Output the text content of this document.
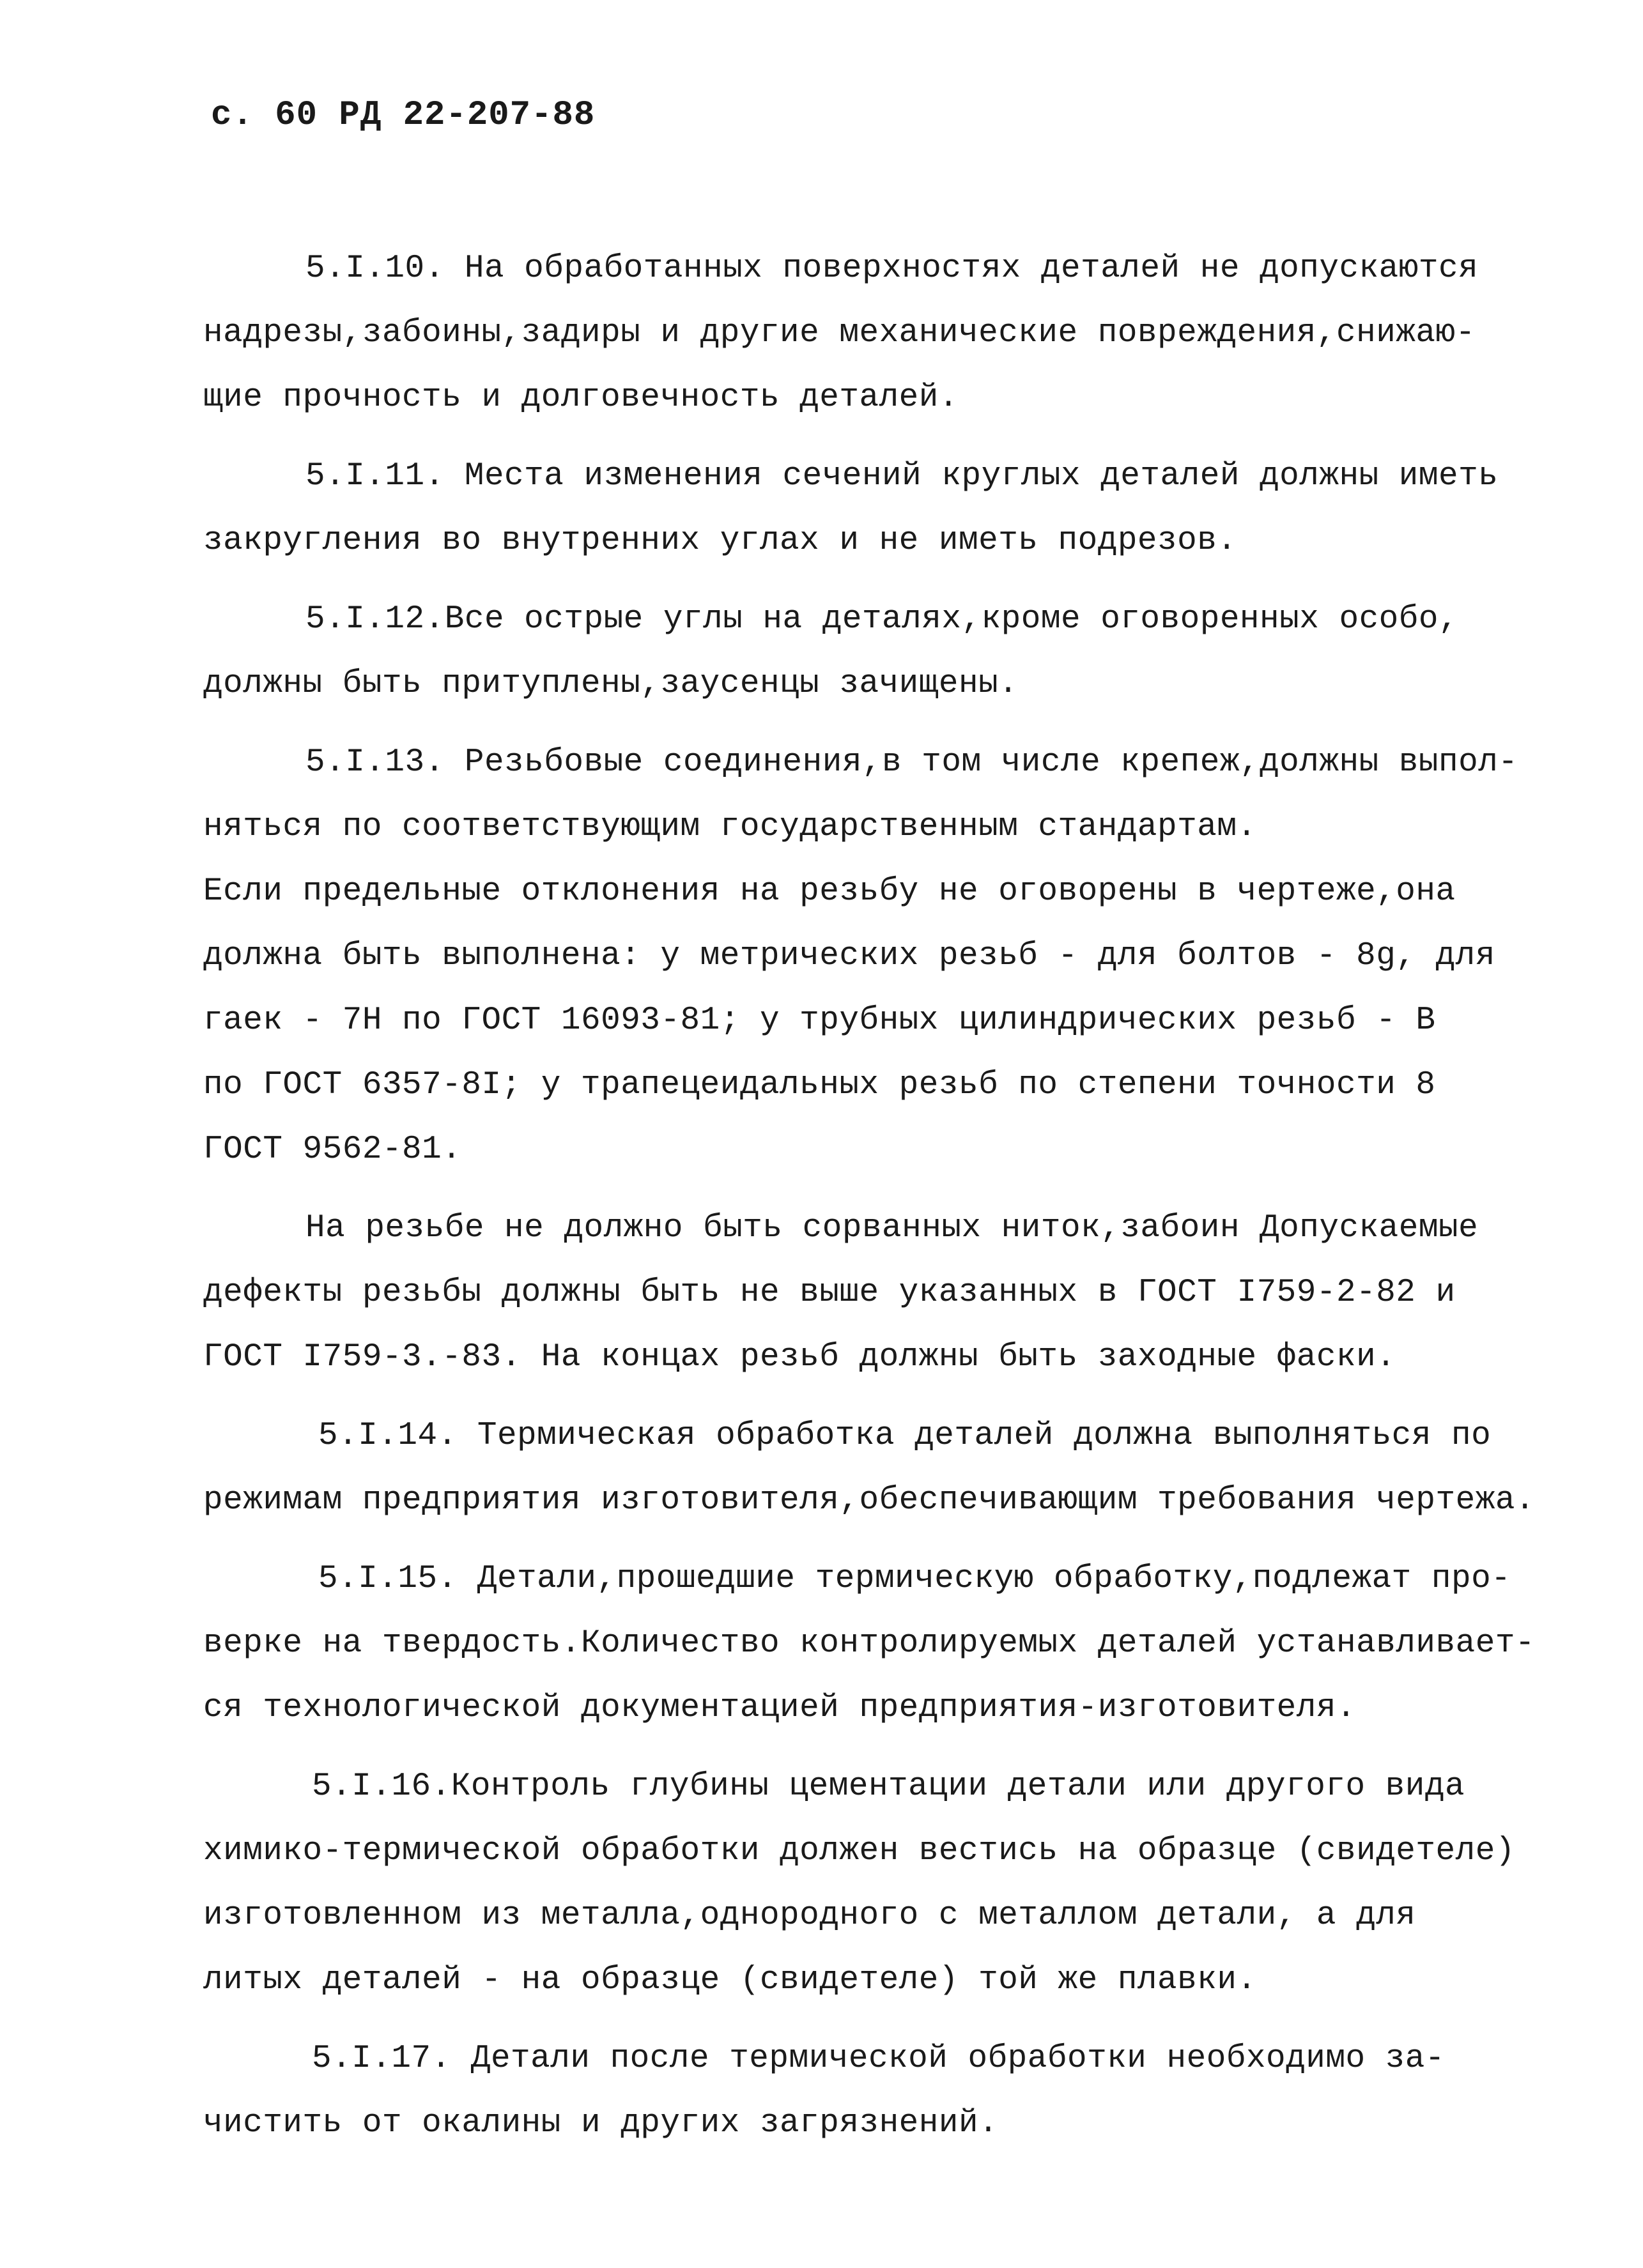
с. 60 РД 22-207-88
5.I.10. На обработанных поверхностях деталей не допускаются
надрезы,забоины,задиры и другие механические повреждения,снижаю-
щие прочность и долговечность деталей.
5.I.11. Места изменения сечений круглых деталей должны иметь
закругления во внутренних углах и не иметь подрезов.
5.I.12.Все острые углы на деталях,кроме оговоренных особо,
должны быть притуплены,заусенцы зачищены.
5.I.13. Резьбовые соединения,в том числе крепеж,должны выпол-
няться по соответствующим государственным стандартам.
Если предельные отклонения на резьбу не оговорены в чертеже,она
должна быть выполнена: у метрических резьб - для болтов - 8g, для
гаек - 7H по ГОСТ 16093-81; у трубных цилиндрических резьб - В
по ГОСТ 6357-8I; у трапецеидальных резьб по степени точности 8
ГОСТ 9562-81.
На резьбе не должно быть сорванных ниток,забоин Допускаемые
дефекты резьбы должны быть не выше указанных в ГОСТ I759-2-82 и
ГОСТ I759-3.-83. На концах резьб должны быть заходные фаски.
5.I.14. Термическая обработка деталей должна выполняться по
режимам предприятия изготовителя,обеспечивающим требования чертежа.
5.I.15. Детали,прошедшие термическую обработку,подлежат про-
верке на твердость.Количество контролируемых деталей устанавливает-
ся технологической документацией предприятия-изготовителя.
5.I.16.Контроль глубины цементации детали или другого вида
химико-термической обработки должен вестись на образце (свидетеле)
изготовленном из металла,однородного с металлом детали, а для
литых деталей - на образце (свидетеле) той же плавки.
5.I.17. Детали после термической обработки необходимо за-
чистить от окалины и других загрязнений.
